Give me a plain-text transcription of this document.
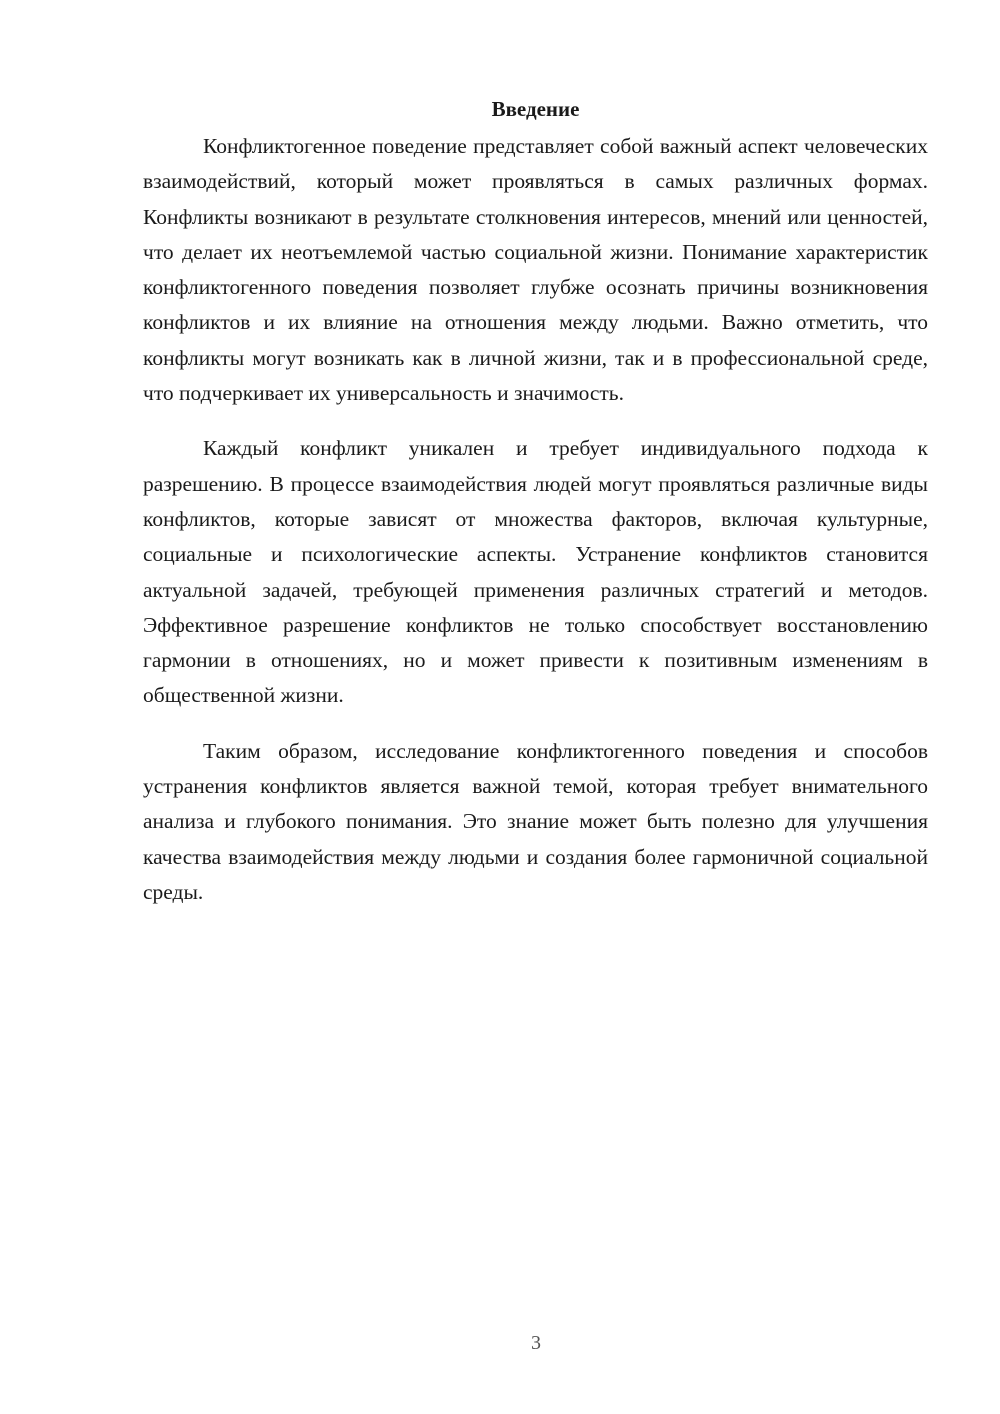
Введение

Конфликтогенное поведение представляет собой важный аспект человеческих взаимодействий, который может проявляться в самых различных формах. Конфликты возникают в результате столкновения интересов, мнений или ценностей, что делает их неотъемлемой частью социальной жизни. Понимание характеристик конфликтогенного поведения позволяет глубже осознать причины возникновения конфликтов и их влияние на отношения между людьми. Важно отметить, что конфликты могут возникать как в личной жизни, так и в профессиональной среде, что подчеркивает их универсальность и значимость.

Каждый конфликт уникален и требует индивидуального подхода к разрешению. В процессе взаимодействия людей могут проявляться различные виды конфликтов, которые зависят от множества факторов, включая культурные, социальные и психологические аспекты. Устранение конфликтов становится актуальной задачей, требующей применения различных стратегий и методов. Эффективное разрешение конфликтов не только способствует восстановлению гармонии в отношениях, но и может привести к позитивным изменениям в общественной жизни.

Таким образом, исследование конфликтогенного поведения и способов устранения конфликтов является важной темой, которая требует внимательного анализа и глубокого понимания. Это знание может быть полезно для улучшения качества взаимодействия между людьми и создания более гармоничной социальной среды.

3
